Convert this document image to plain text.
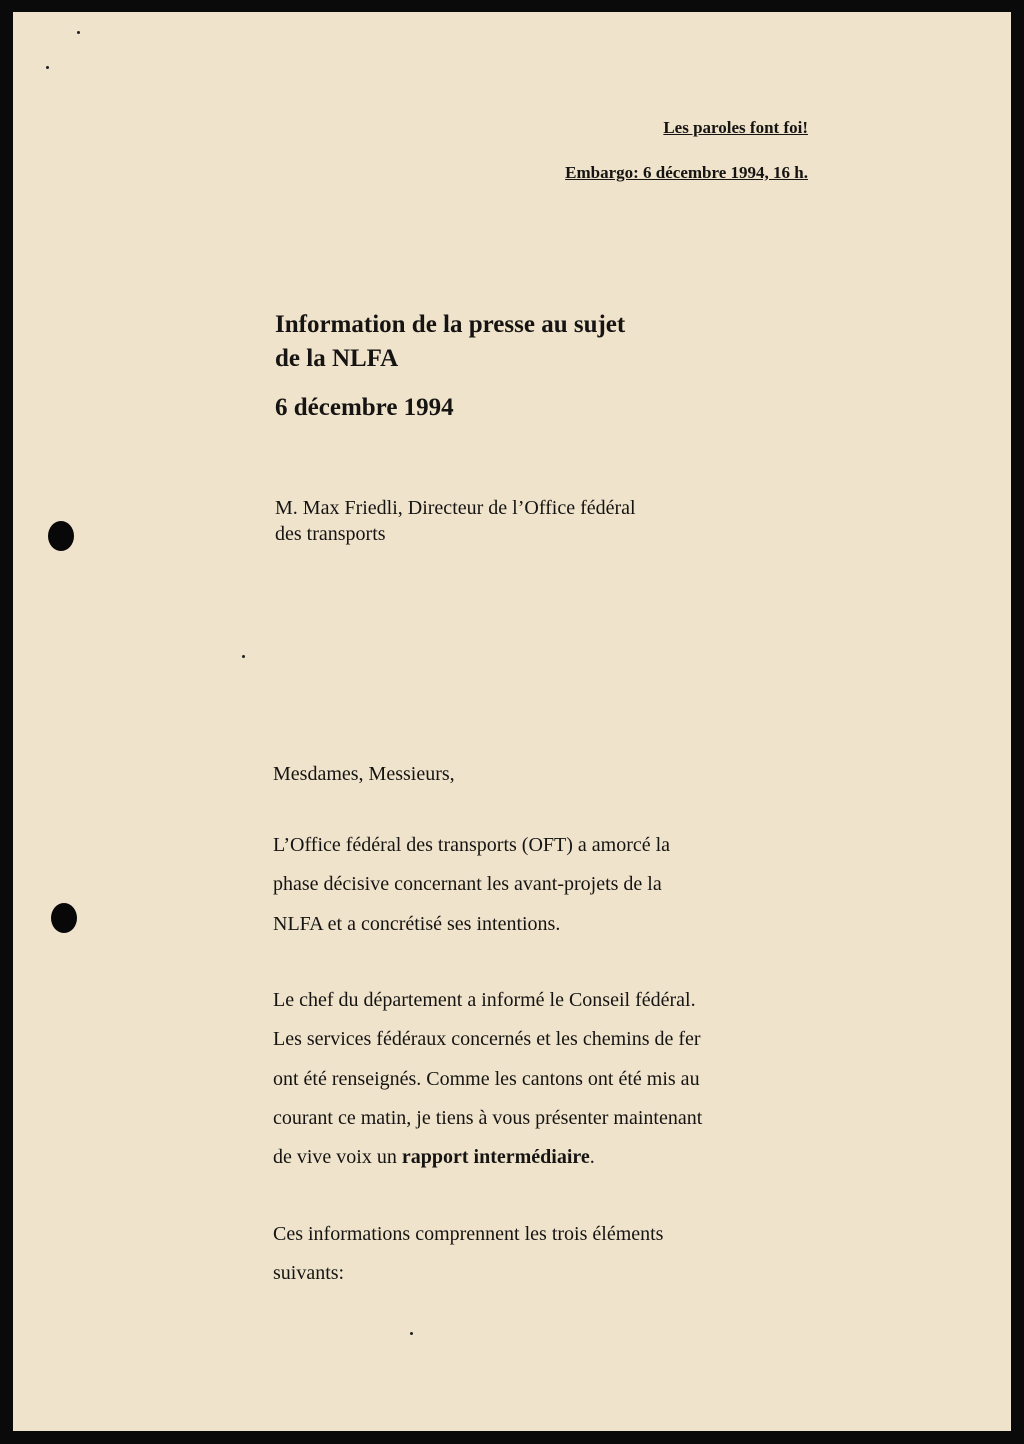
Les paroles font foi!
Embargo: 6 décembre 1994, 16 h.
Information de la presse au sujet
de la NLFA
6 décembre 1994
M. Max Friedli, Directeur de l’Office fédéral
des transports
Mesdames, Messieurs,
L’Office fédéral des transports (OFT) a amorcé la
phase décisive concernant les avant-projets de la
NLFA et a concrétisé ses intentions.
Le chef du département a informé le Conseil fédéral.
Les services fédéraux concernés et les chemins de fer
ont été renseignés. Comme les cantons ont été mis au
courant ce matin, je tiens à vous présenter maintenant
de vive voix un rapport intermédiaire.
Ces informations comprennent les trois éléments
suivants:
